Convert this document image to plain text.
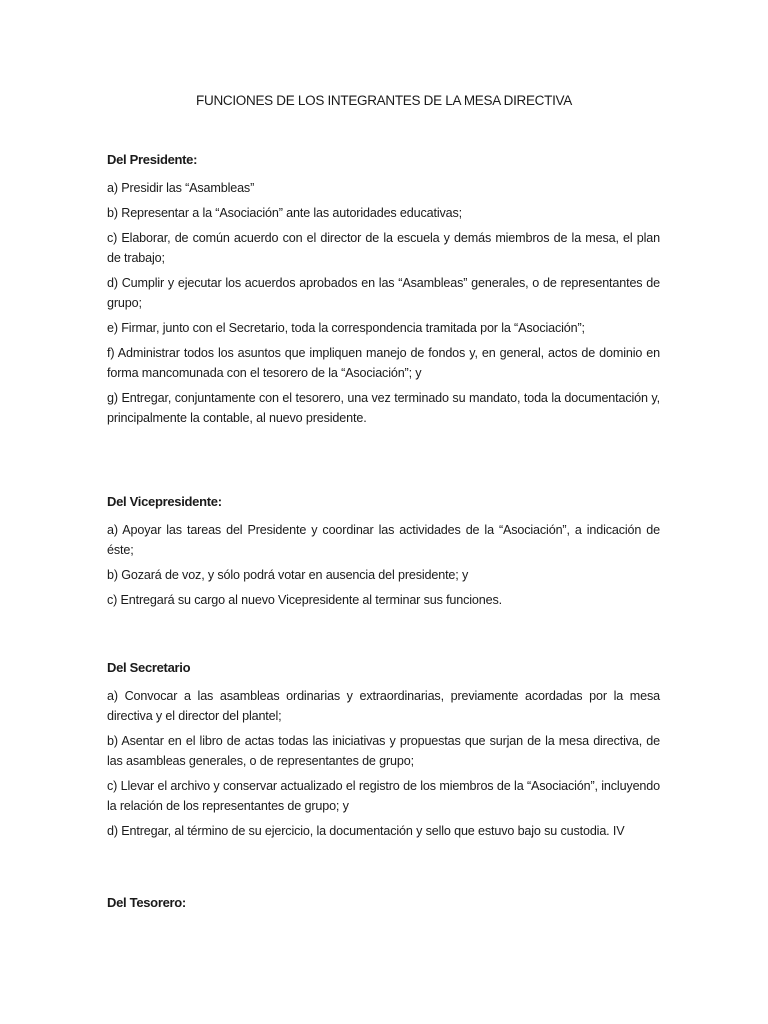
FUNCIONES DE LOS INTEGRANTES DE LA MESA DIRECTIVA
Del Presidente:
a) Presidir las “Asambleas”
b) Representar a la “Asociación” ante las autoridades educativas;
c) Elaborar, de común acuerdo con el director de la escuela y demás miembros de la mesa, el plan de trabajo;
d) Cumplir y ejecutar los acuerdos aprobados en las “Asambleas” generales, o de representantes de grupo;
e) Firmar, junto con el Secretario, toda la correspondencia tramitada por la “Asociación”;
f) Administrar todos los asuntos que impliquen manejo de fondos y, en general, actos de dominio en forma mancomunada con el tesorero de la “Asociación”; y
g) Entregar, conjuntamente con el tesorero, una vez terminado su mandato, toda la documentación y, principalmente la contable, al nuevo presidente.
Del Vicepresidente:
a) Apoyar las tareas del Presidente y coordinar las actividades de la “Asociación”, a indicación de éste;
b) Gozará de voz, y sólo podrá votar en ausencia del presidente; y
c) Entregará su cargo al nuevo Vicepresidente al terminar sus funciones.
Del Secretario
a) Convocar a las asambleas ordinarias y extraordinarias, previamente acordadas por la mesa directiva y el director del plantel;
b) Asentar en el libro de actas todas las iniciativas y propuestas que surjan de la mesa directiva, de las asambleas generales, o de representantes de grupo;
c) Llevar el archivo y conservar actualizado el registro de los miembros de la “Asociación”, incluyendo la relación de los representantes de grupo; y
d) Entregar, al término de su ejercicio, la documentación y sello que estuvo bajo su custodia. IV
Del Tesorero:
